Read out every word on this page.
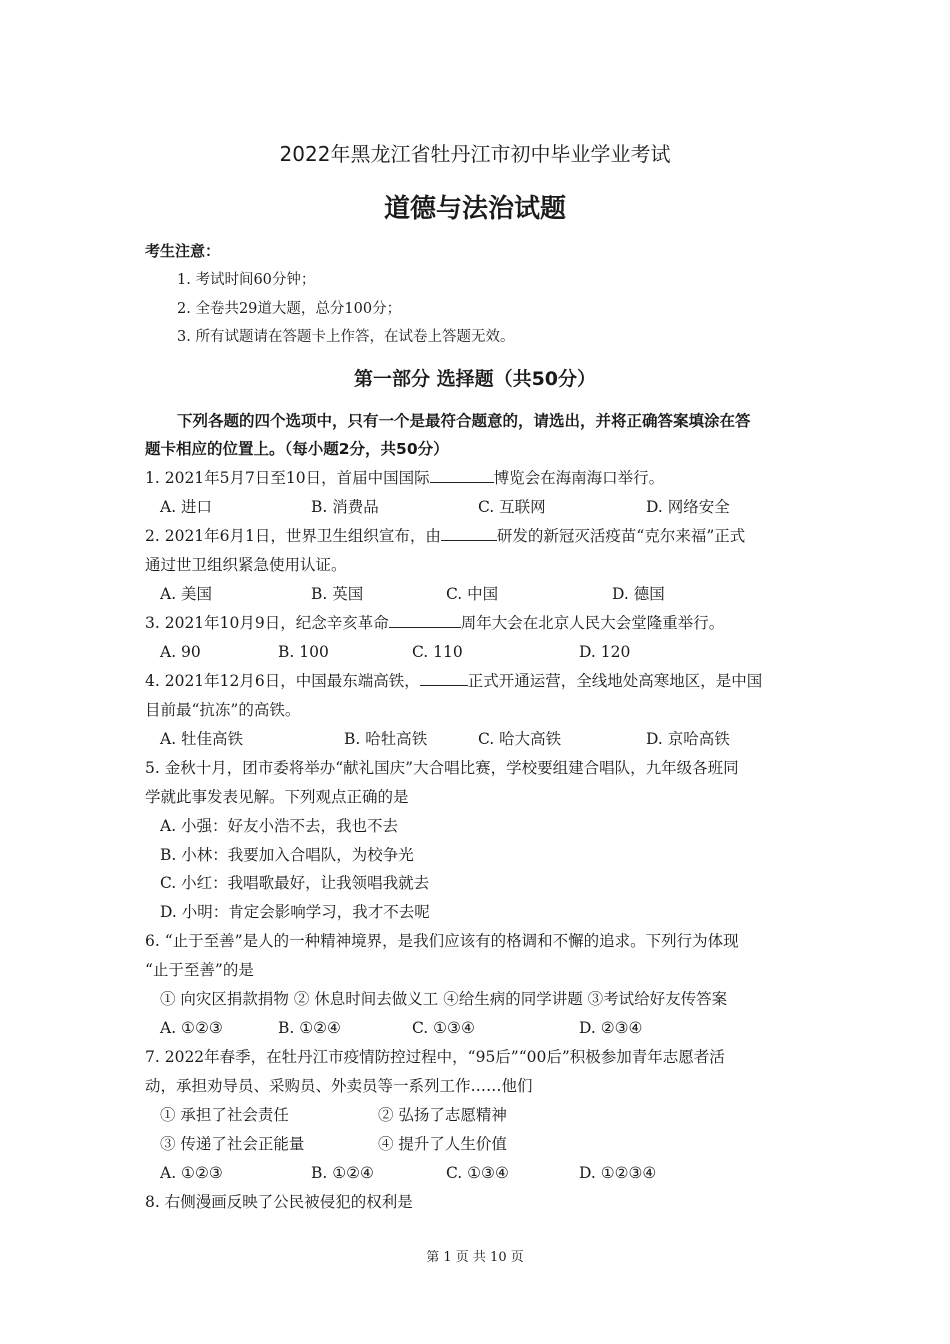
2022年黑龙江省牡丹江市初中毕业学业考试
道德与法治试题
考生注意：
1. 考试时间60分钟；
2. 全卷共29道大题，总分100分；
3. 所有试题请在答题卡上作答，在试卷上答题无效。
第一部分 选择题（共50分）
下列各题的四个选项中，只有一个是最符合题意的，请选出，并将正确答案填涂在答
题卡相应的位置上。（每小题2分，共50分）
1. 2021年5月7日至10日，首届中国国际	博览会在海南海口举行。
A. 进口	B. 消费品	C. 互联网	D. 网络安全
2. 2021年6月1日，世界卫生组织宣布，由	研发的新冠灭活疫苗“克尔来福”正式
通过世卫组织紧急使用认证。
A. 美国	B. 英国	C. 中国	D. 德国
3. 2021年10月9日，纪念辛亥革命	周年大会在北京人民大会堂隆重举行。
A. 90	B. 100	C. 110	D. 120
4. 2021年12月6日，中国最东端高铁，	正式开通运营，全线地处高寒地区，是中国
目前最“抗冻”的高铁。
A. 牡佳高铁	B. 哈牡高铁	C. 哈大高铁	D. 京哈高铁
5. 金秋十月，团市委将举办“献礼国庆”大合唱比赛，学校要组建合唱队，九年级各班同
学就此事发表见解。下列观点正确的是
A. 小强：好友小浩不去，我也不去
B. 小林：我要加入合唱队，为校争光
C. 小红：我唱歌最好，让我领唱我就去
D. 小明：肯定会影响学习，我才不去呢
6. “止于至善”是人的一种精神境界，是我们应该有的格调和不懈的追求。下列行为体现
“止于至善”的是
① 向灾区捐款捐物 ② 休息时间去做义工 ④给生病的同学讲题 ③考试给好友传答案
A. ①②③	B. ①②④	C. ①③④	D. ②③④
7. 2022年春季，在牡丹江市疫情防控过程中，“95后”“00后”积极参加青年志愿者活
动，承担劝导员、采购员、外卖员等一系列工作……他们
① 承担了社会责任	② 弘扬了志愿精神
③ 传递了社会正能量	④ 提升了人生价值
A. ①②③	B. ①②④	C. ①③④	D. ①②③④
8. 右侧漫画反映了公民被侵犯的权利是
第 1 页 共 10 页
